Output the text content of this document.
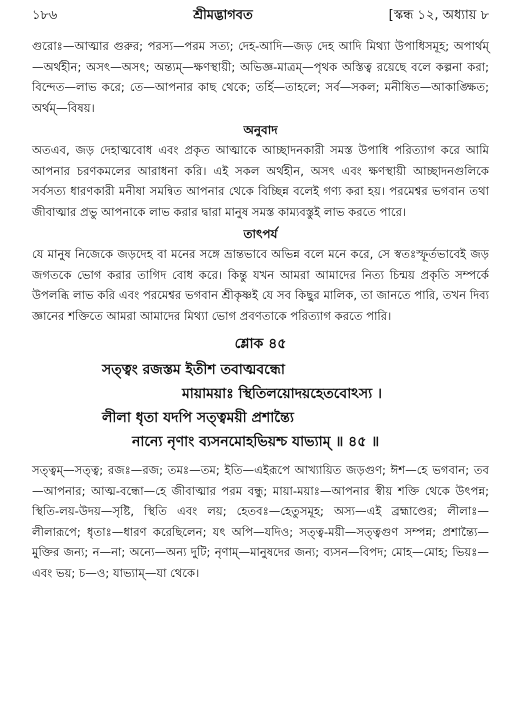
১৮৬	শ্রীমদ্ভাগবত	[স্কন্ধ ১২, অধ্যায় ৮

গুরোঃ—আত্মার গুরুর; পরস্য—পরম সত্য; দেহ-আদি—জড় দেহ আদি মিথ্যা উপাধিসমূহ; অপার্থম্—অর্থহীন; অসৎ—অসৎ; অন্ত্যম্—ক্ষণস্থায়ী; অভিজ্ঞ-মাত্রম্—পৃথক অস্তিত্ব রয়েছে বলে কল্পনা করা; বিন্দেত—লাভ করে; তে—আপনার কাছ থেকে; তর্হি—তাহলে; সর্ব—সকল; মনীষিত—আকাঙ্ক্ষিত; অর্থম্—বিষয়।

অনুবাদ

অতএব, জড় দেহাত্মবোধ এবং প্রকৃত আত্মাকে আচ্ছাদনকারী সমস্ত উপাধি পরিত্যাগ করে আমি আপনার চরণকমলের আরাধনা করি। এই সকল অর্থহীন, অসৎ এবং ক্ষণস্থায়ী আচ্ছাদনগুলিকে সর্বসত্য ধারণকারী মনীষা সমন্বিত আপনার থেকে বিচ্ছিন্ন বলেই গণ্য করা হয়। পরমেশ্বর ভগবান তথা জীবাত্মার প্রভু আপনাকে লাভ করার দ্বারা মানুষ সমস্ত কাম্যবস্তুই লাভ করতে পারে।

তাৎপর্য

যে মানুষ নিজেকে জড়দেহ বা মনের সঙ্গে ভ্রান্তভাবে অভিন্ন বলে মনে করে, সে স্বতঃস্ফূর্তভাবেই জড় জগতকে ভোগ করার তাগিদ বোধ করে। কিন্তু যখন আমরা আমাদের নিত্য চিন্ময় প্রকৃতি সম্পর্কে উপলব্ধি লাভ করি এবং পরমেশ্বর ভগবান শ্রীকৃষ্ণই যে সব কিছুর মালিক, তা জানতে পারি, তখন দিব্য জ্ঞানের শক্তিতে আমরা আমাদের মিথ্যা ভোগ প্রবণতাকে পরিত্যাগ করতে পারি।

শ্লোক ৪৫

সত্ত্বং রজস্তম ইতীশ তবাত্মবন্ধো

মায়াময়াঃ স্থিতিলয়োদয়হেতবোঽস্য ।

লীলা ধৃতা যদপি সত্ত্বময়ী প্রশান্ত্যৈ

নান্যে নৃণাং ব্যসনমোহভিয়শ্চ যাভ্যাম্ ॥ ৪৫ ॥

সত্ত্বম্—সত্ত্ব; রজঃ—রজ; তমঃ—তম; ইতি—এইরূপে আখ্যায়িত জড়গুণ; ঈশ—হে ভগবান; তব—আপনার; আত্ম-বন্ধো—হে জীবাত্মার পরম বন্ধু; মায়া-ময়াঃ—আপনার স্বীয় শক্তি থেকে উৎপন্ন; স্থিতি-লয়-উদয়—সৃষ্টি, স্থিতি এবং লয়; হেতবঃ—হেতুসমূহ; অস্য—এই ব্রহ্মাণ্ডের; লীলাঃ—লীলারূপে; ধৃতাঃ—ধারণ করেছিলেন; যৎ অপি—যদিও; সত্ত্ব-ময়ী—সত্ত্বগুণ সম্পন্ন; প্রশান্ত্যৈ—মুক্তির জন্য; ন—না; অন্যে—অন্য দুটি; নৃণাম্—মানুষদের জন্য; ব্যসন—বিপদ; মোহ—মোহ; ভিয়ঃ—এবং ভয়; চ—ও; যাভ্যাম্—যা থেকে।
